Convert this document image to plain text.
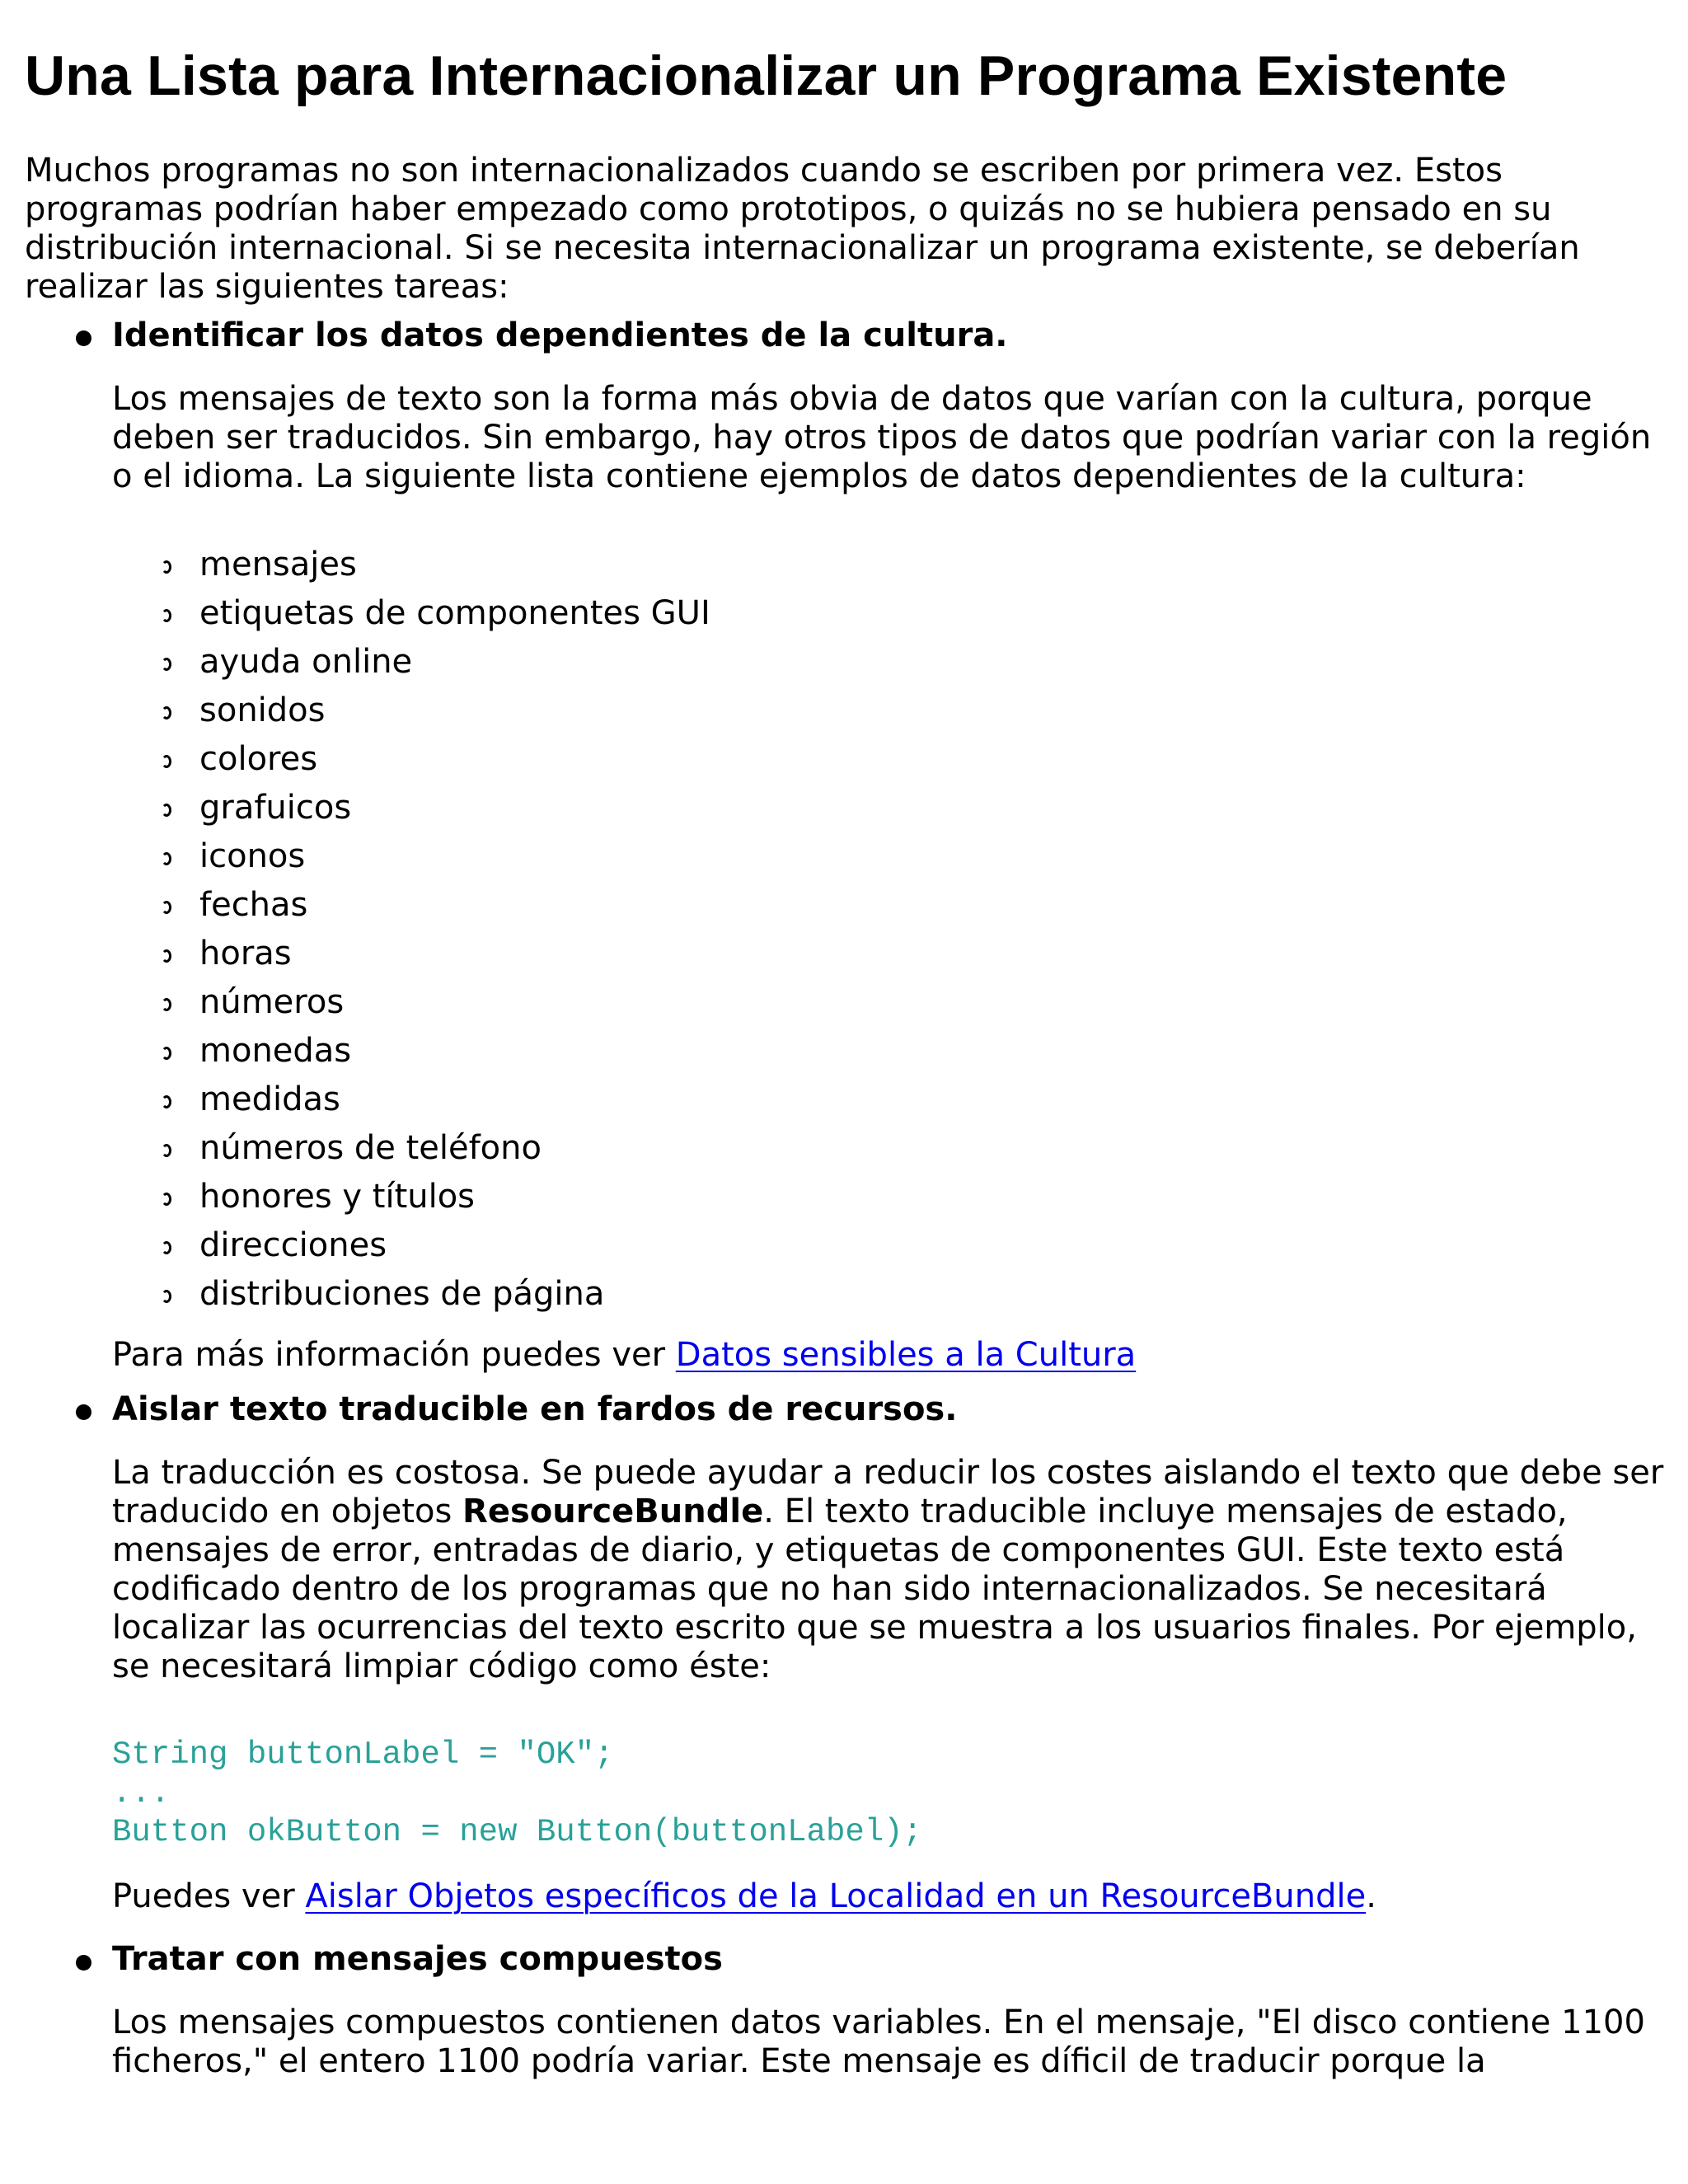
Una Lista para Internacionalizar un Programa Existente
Muchos programas no son internacionalizados cuando se escriben por primera vez. Estos programas podrían haber empezado como prototipos, o quizás no se hubiera pensado en su distribución internacional. Si se necesita internacionalizar un programa existente, se deberían realizar las siguientes tareas:
Identificar los datos dependientes de la cultura.
Los mensajes de texto son la forma más obvia de datos que varían con la cultura, porque deben ser traducidos. Sin embargo, hay otros tipos de datos que podrían variar con la región o el idioma. La siguiente lista contiene ejemplos de datos dependientes de la cultura:
mensajes
etiquetas de componentes GUI
ayuda online
sonidos
colores
grafuicos
iconos
fechas
horas
números
monedas
medidas
números de teléfono
honores y títulos
direcciones
distribuciones de página
Para más información puedes ver Datos sensibles a la Cultura
Aislar texto traducible en fardos de recursos.
La traducción es costosa. Se puede ayudar a reducir los costes aislando el texto que debe ser traducido en objetos ResourceBundle. El texto traducible incluye mensajes de estado, mensajes de error, entradas de diario, y etiquetas de componentes GUI. Este texto está codificado dentro de los programas que no han sido internacionalizados. Se necesitará localizar las ocurrencias del texto escrito que se muestra a los usuarios finales. Por ejemplo, se necesitará limpiar código como éste:
String buttonLabel = "OK";
...
Button okButton = new Button(buttonLabel);
Puedes ver Aislar Objetos específicos de la Localidad en un ResourceBundle.
Tratar con mensajes compuestos
Los mensajes compuestos contienen datos variables. En el mensaje, "El disco contiene 1100 ficheros," el entero 1100 podría variar. Este mensaje es díficil de traducir porque la
